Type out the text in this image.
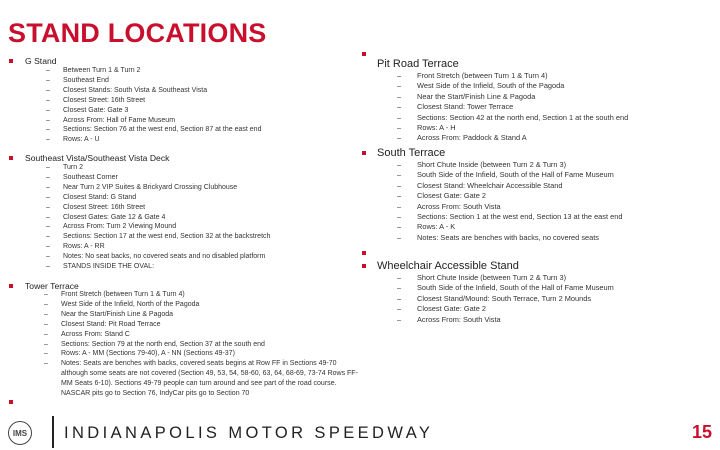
STAND LOCATIONS
G Stand
– Between Turn 1 & Turn 2
– Southeast End
– Closest Stands: South Vista & Southeast Vista
– Closest Street: 16th Street
– Closest Gate: Gate 3
– Across From: Hall of Fame Museum
– Sections: Section 76 at the west end, Section 87 at the east end
– Rows: A - U
Southeast Vista/Southeast Vista Deck
– Turn 2
– Southeast Corner
– Near Turn 2 VIP Suites & Brickyard Crossing Clubhouse
– Closest Stand: G Stand
– Closest Street: 16th Street
– Closest Gates: Gate 12 & Gate 4
– Across From: Turn 2 Viewing Mound
– Sections: Section 17 at the west end, Section 32 at the backstretch
– Rows: A - RR
– Notes: No seat backs, no covered seats and no disabled platform
– STANDS INSIDE THE OVAL:
Tower Terrace
– Front Stretch (between Turn 1 & Turn 4)
– West Side of the Infield, North of the Pagoda
– Near the Start/Finish Line & Pagoda
– Closest Stand: Pit Road Terrace
– Across From: Stand C
– Sections: Section 79 at the north end, Section 37 at the south end
– Rows: A - MM (Sections 79-40), A - NN (Sections 49-37)
– Notes: Seats are benches with backs, covered seats begins at Row FF in Sections 49-70 although some seats are not covered (Section 49, 53, 54, 58-60, 63, 64, 68-69, 73-74 Rows FF-MM Seats 6-10). Sections 49-79 people can turn around and see part of the road course. NASCAR pits go to Section 76, IndyCar pits go to Section 70
Pit Road Terrace
– Front Stretch (between Turn 1 & Turn 4)
– West Side of the Infield, South of the Pagoda
– Near the Start/Finish Line & Pagoda
– Closest Stand: Tower Terrace
– Sections: Section 42 at the north end, Section 1 at the south end
– Rows: A - H
– Across From: Paddock & Stand A
South Terrace
– Short Chute Inside (between Turn 2 & Turn 3)
– South Side of the Infield, South of the Hall of Fame Museum
– Closest Stand: Wheelchair Accessible Stand
– Closest Gate: Gate 2
– Across From: South Vista
– Sections: Section 1 at the west end, Section 13 at the east end
– Rows: A - K
– Notes: Seats are benches with backs, no covered seats
Wheelchair Accessible Stand
– Short Chute Inside (between Turn 2 & Turn 3)
– South Side of the Infield, South of the Hall of Fame Museum
– Closest Stand/Mound: South Terrace, Turn 2 Mounds
– Closest Gate: Gate 2
– Across From: South Vista
IMS INDIANAPOLIS MOTOR SPEEDWAY	15
